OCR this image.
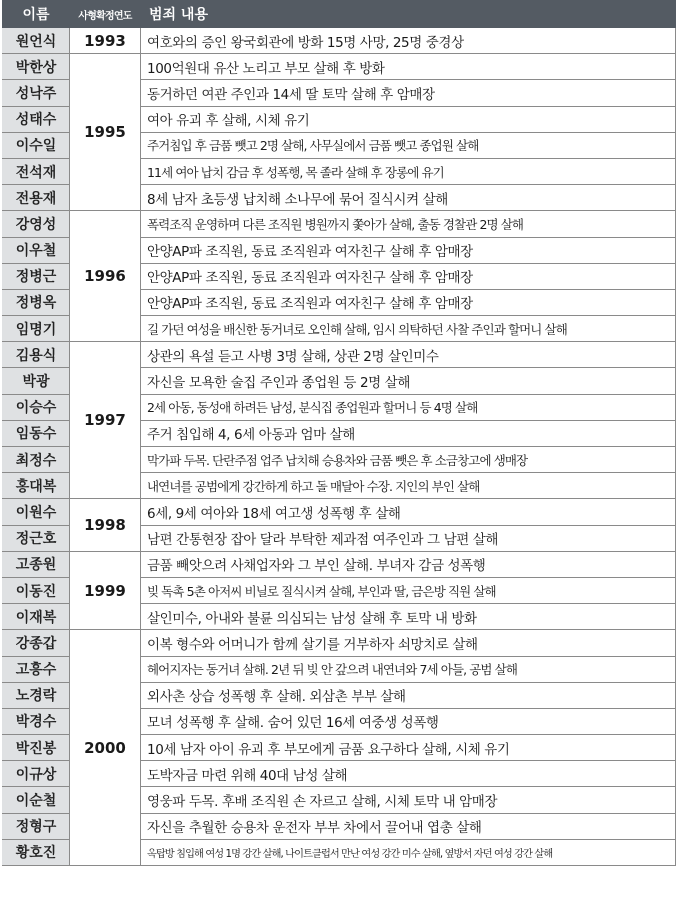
이름	사형확정연도	범죄 내용
원언식	1993	여호와의 증인 왕국회관에 방화 15명 사망, 25명 중경상
박한상	1995	100억원대 유산 노리고 부모 살해 후 방화
성낙주		동거하던 여관 주인과 14세 딸 토막 살해 후 암매장
성태수		여아 유괴 후 살해, 시체 유기
이수일		주거침입 후 금품 뺏고 2명 살해, 사무실에서 금품 뺏고 종업원 살해
전석재		11세 여아 납치 감금 후 성폭행, 목 졸라 살해 후 장롱에 유기
전용재		8세 남자 초등생 납치해 소나무에 묶어 질식시켜 살해
강영성	1996	폭력조직 운영하며 다른 조직원 병원까지 쫓아가 살해, 출동 경찰관 2명 살해
이우철		안양AP파 조직원, 동료 조직원과 여자친구 살해 후 암매장
정병근		안양AP파 조직원, 동료 조직원과 여자친구 살해 후 암매장
정병옥		안양AP파 조직원, 동료 조직원과 여자친구 살해 후 암매장
임명기		길 가던 여성을 배신한 동거녀로 오인해 살해, 임시 의탁하던 사찰 주인과 할머니 살해
김용식	1997	상관의 욕설 듣고 사병 3명 살해, 상관 2명 살인미수
박광		자신을 모욕한 술집 주인과 종업원 등 2명 살해
이승수		2세 아동, 동성애 하려든 남성, 분식집 종업원과 할머니 등 4명 살해
임동수		주거 침입해 4, 6세 아동과 엄마 살해
최정수		막가파 두목. 단란주점 업주 납치해 승용차와 금품 뺏은 후 소금창고에 생매장
홍대복		내연녀를 공범에게 강간하게 하고 돌 매달아 수장. 지인의 부인 살해
이원수	1998	6세, 9세 여아와 18세 여고생 성폭행 후 살해
정근호		남편 간통현장 잡아 달라 부탁한 제과점 여주인과 그 남편 살해
고종원	1999	금품 빼앗으려 사채업자와 그 부인 살해. 부녀자 감금 성폭행
이동진		빚 독촉 5촌 아저씨 비닐로 질식시켜 살해, 부인과 딸, 금은방 직원 살해
이재복		살인미수, 아내와 불륜 의심되는 남성 살해 후 토막 내 방화
강종갑	2000	이복 형수와 어머니가 함께 살기를 거부하자 쇠망치로 살해
고흥수		헤어지자는 동거녀 살해. 2년 뒤 빚 안 갚으려 내연녀와 7세 아들, 공범 살해
노경락		외사촌 상습 성폭행 후 살해. 외삼촌 부부 살해
박경수		모녀 성폭행 후 살해. 숨어 있던 16세 여중생 성폭행
박진봉		10세 남자 아이 유괴 후 부모에게 금품 요구하다 살해, 시체 유기
이규상		도박자금 마련 위해 40대 남성 살해
이순철		영웅파 두목. 후배 조직원 손 자르고 살해, 시체 토막 내 암매장
정형구		자신을 추월한 승용차 운전자 부부 차에서 끌어내 엽총 살해
황호진		옥탑방 침입해 여성 1명 강간 살해, 나이트클럽서 만난 여성 강간 미수 살해, 옆방서 자던 여성 강간 살해
